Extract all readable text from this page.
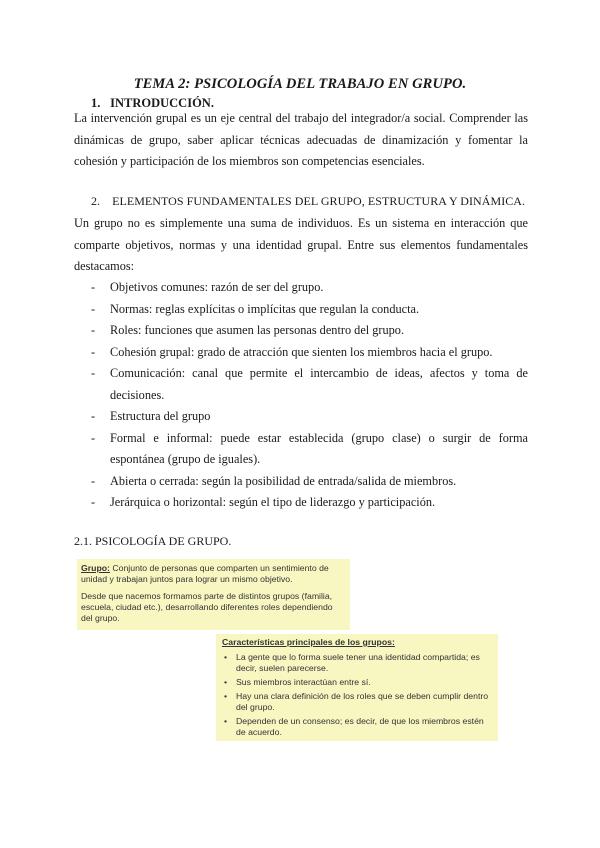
TEMA 2: PSICOLOGÍA DEL TRABAJO EN GRUPO.
1. INTRODUCCIÓN.
La intervención grupal es un eje central del trabajo del integrador/a social. Comprender las dinámicas de grupo, saber aplicar técnicas adecuadas de dinamización y fomentar la cohesión y participación de los miembros son competencias esenciales.
2. ELEMENTOS FUNDAMENTALES DEL GRUPO, ESTRUCTURA Y DINÁMICA.
Un grupo no es simplemente una suma de individuos. Es un sistema en interacción que comparte objetivos, normas y una identidad grupal. Entre sus elementos fundamentales destacamos:
- Objetivos comunes: razón de ser del grupo.
- Normas: reglas explícitas o implícitas que regulan la conducta.
- Roles: funciones que asumen las personas dentro del grupo.
- Cohesión grupal: grado de atracción que sienten los miembros hacia el grupo.
- Comunicación: canal que permite el intercambio de ideas, afectos y toma de decisiones.
- Estructura del grupo
- Formal e informal: puede estar establecida (grupo clase) o surgir de forma espontánea (grupo de iguales).
- Abierta o cerrada: según la posibilidad de entrada/salida de miembros.
- Jerárquica o horizontal: según el tipo de liderazgo y participación.
2.1. PSICOLOGÍA DE GRUPO.

Grupo: Conjunto de personas que comparten un sentimiento de unidad y trabajan juntos para lograr un mismo objetivo.

Desde que nacemos formamos parte de distintos grupos (familia, escuela, ciudad etc.), desarrollando diferentes roles dependiendo del grupo.

Características principales de los grupos:
• La gente que lo forma suele tener una identidad compartida; es decir, suelen parecerse.
• Sus miembros interactúan entre sí.
• Hay una clara definición de los roles que se deben cumplir dentro del grupo.
• Dependen de un consenso; es decir, de que los miembros estén de acuerdo.
